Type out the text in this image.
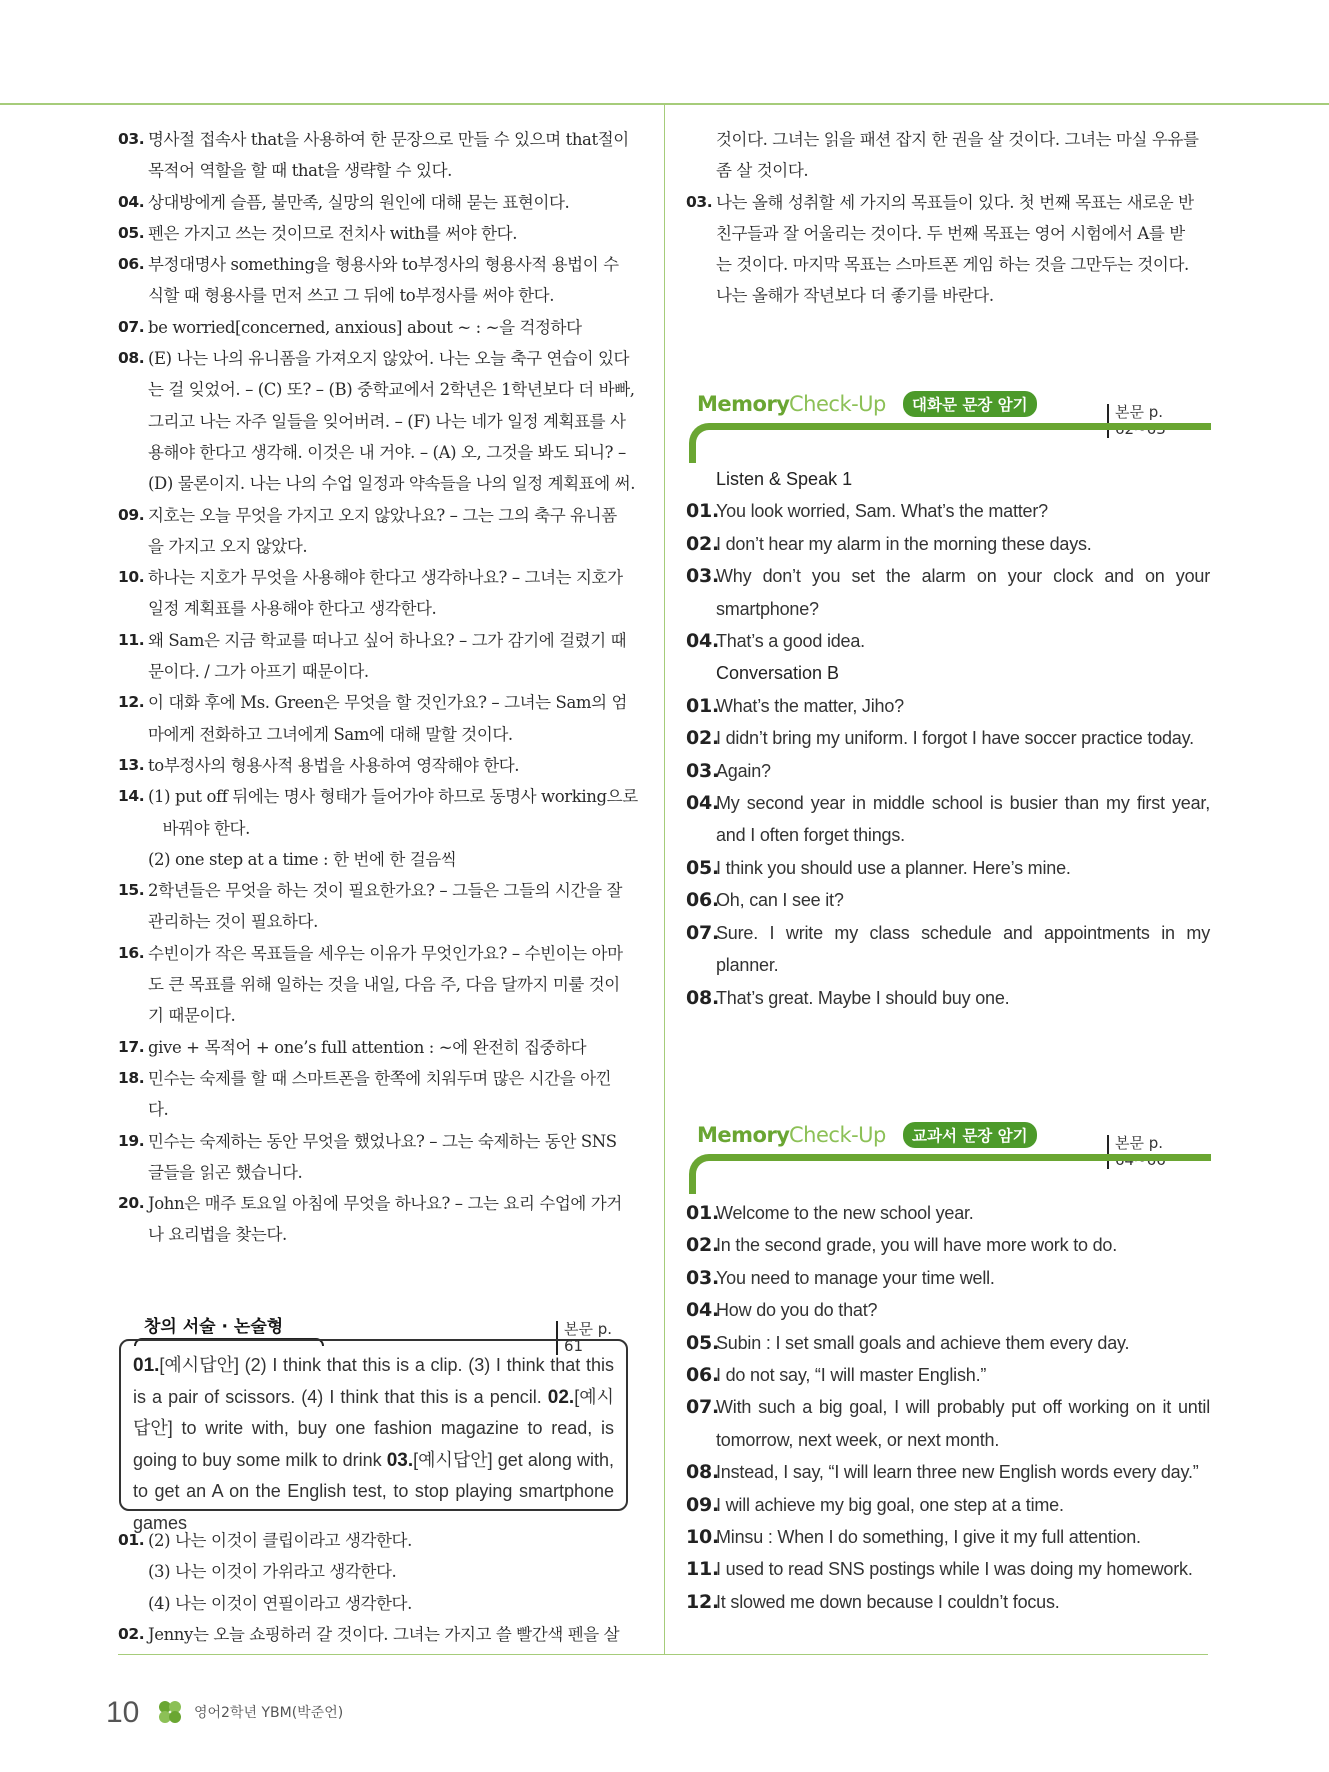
03. 명사절 접속사 that을 사용하여 한 문장으로 만들 수 있으며 that절이
목적어 역할을 할 때 that을 생략할 수 있다.
04. 상대방에게 슬픔, 불만족, 실망의 원인에 대해 묻는 표현이다.
05. 펜은 가지고 쓰는 것이므로 전치사 with를 써야 한다.
06. 부정대명사 something을 형용사와 to부정사의 형용사적 용법이 수
식할 때 형용사를 먼저 쓰고 그 뒤에 to부정사를 써야 한다.
07. be worried[concerned, anxious] about ~ : ~을 걱정하다
08. (E) 나는 나의 유니폼을 가져오지 않았어. 나는 오늘 축구 연습이 있다
는 걸 잊었어. – (C) 또? – (B) 중학교에서 2학년은 1학년보다 더 바빠,
그리고 나는 자주 일들을 잊어버려. – (F) 나는 네가 일정 계획표를 사
용해야 한다고 생각해. 이것은 내 거야. – (A) 오, 그것을 봐도 되니? –
(D) 물론이지. 나는 나의 수업 일정과 약속들을 나의 일정 계획표에 써.
09. 지호는 오늘 무엇을 가지고 오지 않았나요? – 그는 그의 축구 유니폼
을 가지고 오지 않았다.
10. 하나는 지호가 무엇을 사용해야 한다고 생각하나요? – 그녀는 지호가
일정 계획표를 사용해야 한다고 생각한다.
11. 왜 Sam은 지금 학교를 떠나고 싶어 하나요? – 그가 감기에 걸렸기 때
문이다. / 그가 아프기 때문이다.
12. 이 대화 후에 Ms. Green은 무엇을 할 것인가요? – 그녀는 Sam의 엄
마에게 전화하고 그녀에게 Sam에 대해 말할 것이다.
13. to부정사의 형용사적 용법을 사용하여 영작해야 한다.
14. (1) put off 뒤에는 명사 형태가 들어가야 하므로 동명사 working으로
바꿔야 한다.
(2) one step at a time : 한 번에 한 걸음씩
15. 2학년들은 무엇을 하는 것이 필요한가요? – 그들은 그들의 시간을 잘
관리하는 것이 필요하다.
16. 수빈이가 작은 목표들을 세우는 이유가 무엇인가요? – 수빈이는 아마
도 큰 목표를 위해 일하는 것을 내일, 다음 주, 다음 달까지 미룰 것이
기 때문이다.
17. give + 목적어 + one’s full attention : ~에 완전히 집중하다
18. 민수는 숙제를 할 때 스마트폰을 한쪽에 치워두며 많은 시간을 아낀
다.
19. 민수는 숙제하는 동안 무엇을 했었나요? – 그는 숙제하는 동안 SNS
글들을 읽곤 했습니다.
20. John은 매주 토요일 아침에 무엇을 하나요? – 그는 요리 수업에 가거
나 요리법을 찾는다.
창의 서술 · 논술형	본문 p. 61
01.[예시답안] (2) I think that this is a clip. (3) I think that this is a pair of scissors. (4) I think that this is a pencil. 02.[예시답안] to write with, buy one fashion magazine to read, is going to buy some milk to drink 03.[예시답안] get along with, to get an A on the English test, to stop playing smartphone games
01. (2) 나는 이것이 클립이라고 생각한다.
(3) 나는 이것이 가위라고 생각한다.
(4) 나는 이것이 연필이라고 생각한다.
02. Jenny는 오늘 쇼핑하러 갈 것이다. 그녀는 가지고 쓸 빨간색 펜을 살
것이다. 그녀는 읽을 패션 잡지 한 권을 살 것이다. 그녀는 마실 우유를
좀 살 것이다.
03. 나는 올해 성취할 세 가지의 목표들이 있다. 첫 번째 목표는 새로운 반
친구들과 잘 어울리는 것이다. 두 번째 목표는 영어 시험에서 A를 받
는 것이다. 마지막 목표는 스마트폰 게임 하는 것을 그만두는 것이다.
나는 올해가 작년보다 더 좋기를 바란다.
Memory Check-Up	대화문 문장 암기	본문 p. 62~63
Listen & Speak 1
01.
You look worried, Sam. What’s the matter?
02.
I don’t hear my alarm in the morning these days.
03.
Why don’t you set the alarm on your clock and on your smartphone?
04.
That’s a good idea.
Conversation B
01.
What’s the matter, Jiho?
02.
I didn’t bring my uniform. I forgot I have soccer practice today.
03.
Again?
04.
My second year in middle school is busier than my first year, and I often forget things.
05.
I think you should use a planner. Here’s mine.
06.
Oh, can I see it?
07.
Sure. I write my class schedule and appointments in my planner.
08.
That’s great. Maybe I should buy one.
Memory Check-Up	교과서 문장 암기	본문 p. 64~66
01.
Welcome to the new school year.
02.
In the second grade, you will have more work to do.
03.
You need to manage your time well.
04.
How do you do that?
05.
Subin : I set small goals and achieve them every day.
06.
I do not say, “I will master English.”
07.
With such a big goal, I will probably put off working on it until tomorrow, next week, or next month.
08.
Instead, I say, “I will learn three new English words every day.”
09.
I will achieve my big goal, one step at a time.
10.
Minsu : When I do something, I give it my full attention.
11.
I used to read SNS postings while I was doing my homework.
12.
It slowed me down because I couldn’t focus.
10	영어2학년 YBM(박준언)
